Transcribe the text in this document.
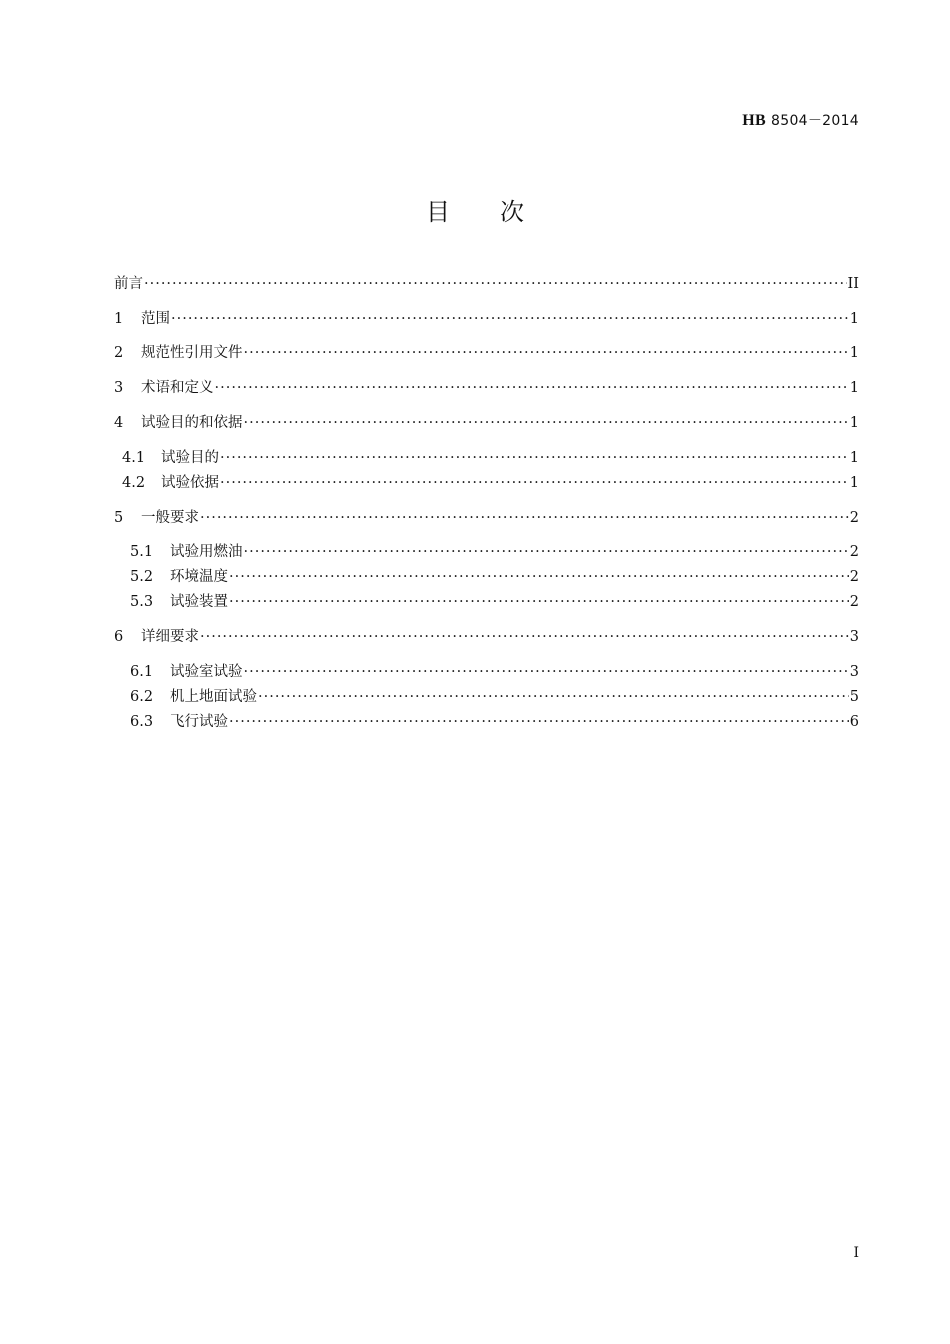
HB 8504－2014
目次
前言 ·····	II
1	范围 ·····	1
2	规范性引用文件 ·····	1
3	术语和定义 ·····	1
4	试验目的和依据 ·····	1
4.1	试验目的 ·····	1
4.2	试验依据 ·····	1
5	一般要求 ·····	2
5.1	试验用燃油 ·····	2
5.2	环境温度 ·····	2
5.3	试验装置 ·····	2
6	详细要求 ·····	3
6.1	试验室试验 ·····	3
6.2	机上地面试验 ·····	5
6.3	飞行试验 ·····	6
I
